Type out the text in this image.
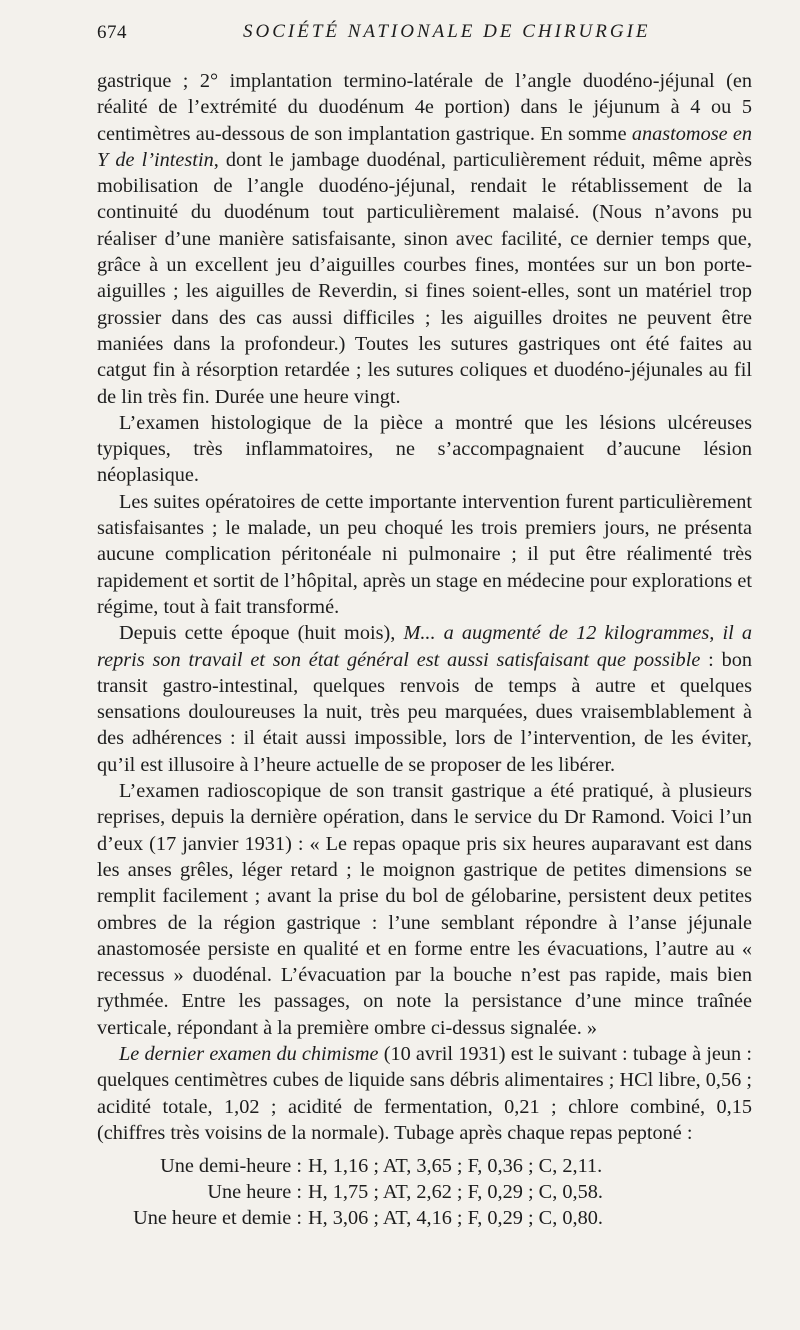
674	SOCIÉTÉ NATIONALE DE CHIRURGIE

gastrique ; 2° implantation termino-latérale de l’angle duodéno-jéjunal (en réalité de l’extrémité du duodénum 4e portion) dans le jéjunum à 4 ou 5 centimètres au-dessous de son implantation gastrique. En somme anastomose en Y de l’intestin, dont le jambage duodénal, particulièrement réduit, même après mobilisation de l’angle duodéno-jéjunal, rendait le rétablissement de la continuité du duodénum tout particulièrement malaisé. (Nous n’avons pu réaliser d’une manière satisfaisante, sinon avec facilité, ce dernier temps que, grâce à un excellent jeu d’aiguilles courbes fines, montées sur un bon porte-aiguilles ; les aiguilles de Reverdin, si fines soient-elles, sont un matériel trop grossier dans des cas aussi difficiles ; les aiguilles droites ne peuvent être maniées dans la profondeur.) Toutes les sutures gastriques ont été faites au catgut fin à résorption retardée ; les sutures coliques et duodéno-jéjunales au fil de lin très fin. Durée une heure vingt.

L’examen histologique de la pièce a montré que les lésions ulcéreuses typiques, très inflammatoires, ne s’accompagnaient d’aucune lésion néoplasique.

Les suites opératoires de cette importante intervention furent particulièrement satisfaisantes ; le malade, un peu choqué les trois premiers jours, ne présenta aucune complication péritonéale ni pulmonaire ; il put être réalimenté très rapidement et sortit de l’hôpital, après un stage en médecine pour explorations et régime, tout à fait transformé.

Depuis cette époque (huit mois), M... a augmenté de 12 kilogrammes, il a repris son travail et son état général est aussi satisfaisant que possible : bon transit gastro-intestinal, quelques renvois de temps à autre et quelques sensations douloureuses la nuit, très peu marquées, dues vraisemblablement à des adhérences : il était aussi impossible, lors de l’intervention, de les éviter, qu’il est illusoire à l’heure actuelle de se proposer de les libérer.

L’examen radioscopique de son transit gastrique a été pratiqué, à plusieurs reprises, depuis la dernière opération, dans le service du Dr Ramond. Voici l’un d’eux (17 janvier 1931) : « Le repas opaque pris six heures auparavant est dans les anses grêles, léger retard ; le moignon gastrique de petites dimensions se remplit facilement ; avant la prise du bol de gélobarine, persistent deux petites ombres de la région gastrique : l’une semblant répondre à l’anse jéjunale anastomosée persiste en qualité et en forme entre les évacuations, l’autre au « recessus » duodénal. L’évacuation par la bouche n’est pas rapide, mais bien rythmée. Entre les passages, on note la persistance d’une mince traînée verticale, répondant à la première ombre ci-dessus signalée. »

Le dernier examen du chimisme (10 avril 1931) est le suivant : tubage à jeun : quelques centimètres cubes de liquide sans débris alimentaires ; HCl libre, 0,56 ; acidité totale, 1,02 ; acidité de fermentation, 0,21 ; chlore combiné, 0,15 (chiffres très voisins de la normale). Tubage après chaque repas peptoné :

Une demi-heure : H, 1,16 ; AT, 3,65 ; F, 0,36 ; C, 2,11.
Une heure : H, 1,75 ; AT, 2,62 ; F, 0,29 ; C, 0,58.
Une heure et demie : H, 3,06 ; AT, 4,16 ; F, 0,29 ; C, 0,80.
